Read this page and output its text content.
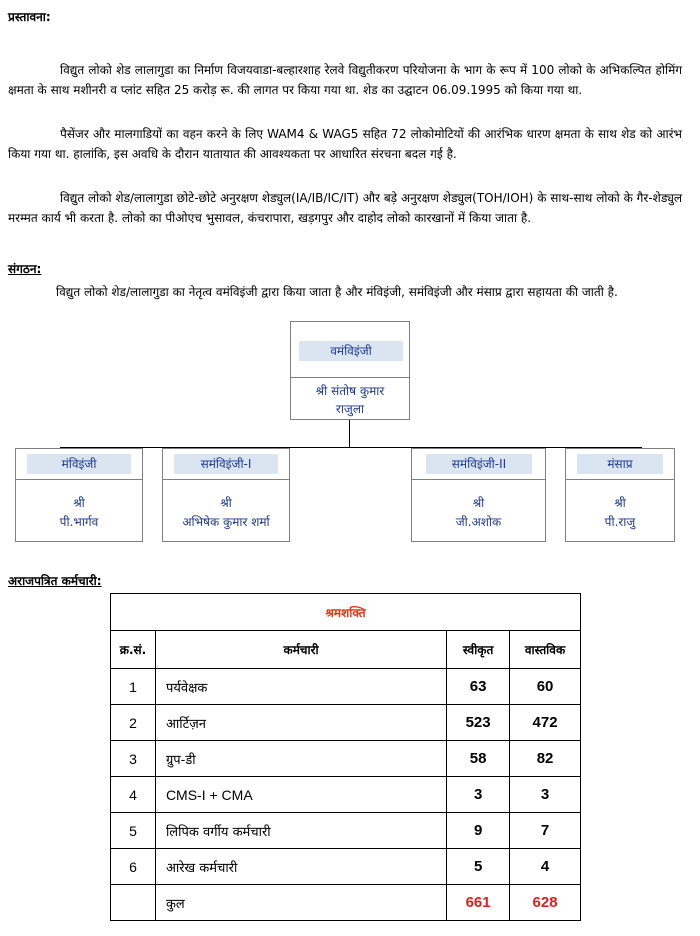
प्रस्तावना:

विद्युत लोको शेड लालागुडा का निर्माण विजयवाडा-बल्हारशाह रेलवे विद्युतीकरण परियोजना के भाग के रूप में 100 लोको के अभिकल्पित होमिंग क्षमता के साथ मशीनरी व प्लांट सहित 25 करोड़ रू. की लागत पर किया गया था. शेड का उद्घाटन 06.09.1995 को किया गया था.

पैसेंजर और मालगाडियों का वहन करने के लिए WAM4 & WAG5 सहित 72 लोकोमोटियों की आरंभिक धारण क्षमता के साथ शेड को आरंभ किया गया था. हालांकि, इस अवधि के दौरान यातायात की आवश्यकता पर आधारित संरचना बदल गई है.

विद्युत लोको शेड/लालागुडा छोटे-छोटे अनुरक्षण शेड्युल(IA/IB/IC/IT) और बड़े अनुरक्षण शेड्युल(TOH/IOH) के साथ-साथ लोको के गैर-शेड्युल मरम्मत कार्य भी करता है. लोको का पीओएच भुसावल, कंचरापारा, खड़गपुर और दाहोद लोको कारखानों में किया जाता है.

संगठन:

विद्युत लोको शेड/लालागुडा का नेतृत्व वमंविइंजी द्वारा किया जाता है और मंविइंजी, समंविइंजी और मंसाप्र द्वारा सहायता की जाती है.

वमंविइंजी
श्री संतोष कुमार
राजुला
मंविइंजी
श्री
पी.भार्गव
समंविइंजी-I
श्री
अभिषेक कुमार शर्मा
समंविइंजी-II
श्री
जी.अशोक
मंसाप्र
श्री
पी.राजु
अराजपत्रित कर्मचारी:
श्रमशक्ति			
क्र.सं.	कर्मचारी	स्वीकृत	वास्तविक
1	पर्यवेक्षक	63	60
2	आर्टिज़न	523	472
3	ग्रुप-डी	58	82
4	CMS-I + CMA	3	3
5	लिपिक वर्गीय कर्मचारी	9	7
6	आरेख कर्मचारी	5	4
	कुल	661	628
